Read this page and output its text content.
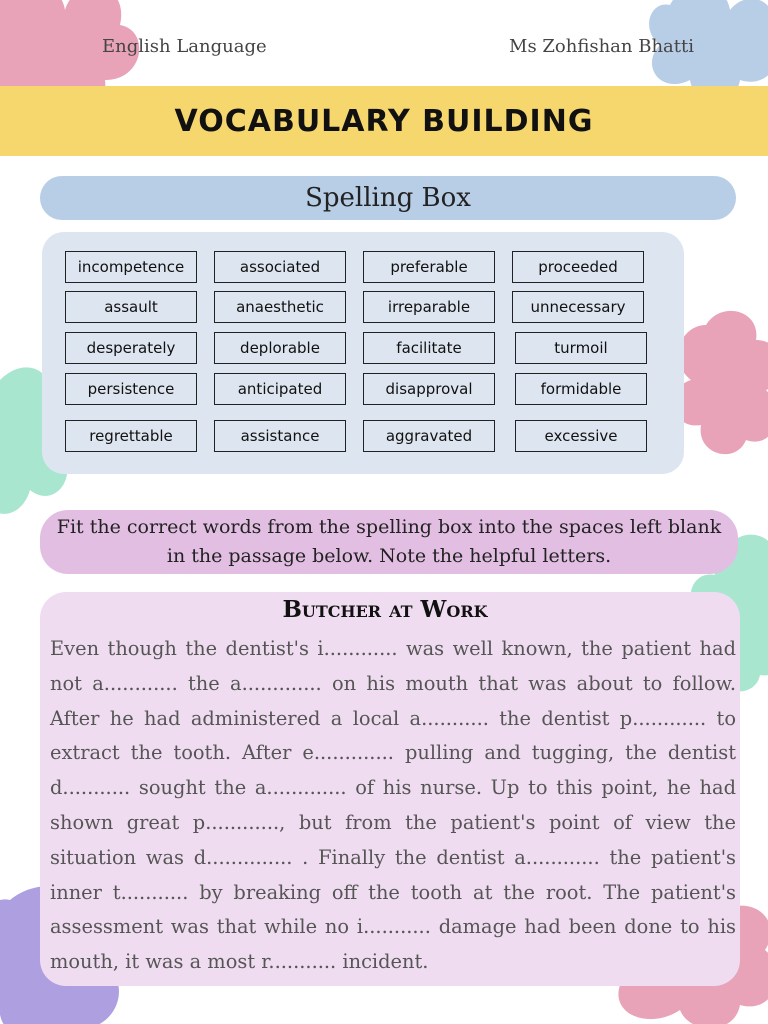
English Language	Ms Zohfishan Bhatti
VOCABULARY BUILDING
Spelling Box
incompetence	associated	preferable	proceeded
assault	anaesthetic	irreparable	unnecessary
desperately	deplorable	facilitate	turmoil
persistence	anticipated	disapproval	formidable
regrettable	assistance	aggravated	excessive

Fit the correct words from the spelling box into the spaces left blank in the passage below. Note the helpful letters.

Butcher at Work

Even though the dentist's i............ was well known, the patient had not a............ the a............. on his mouth that was about to follow. After he had administered a local a........... the dentist p............ to extract the tooth. After e............. pulling and tugging, the dentist d........... sought the a............. of his nurse. Up to this point, he had shown great p............, but from the patient's point of view the situation was d.............. . Finally the dentist a............ the patient's inner t........... by breaking off the tooth at the root. The patient's assessment was that while no i........... damage had been done to his mouth, it was a most r........... incident.
